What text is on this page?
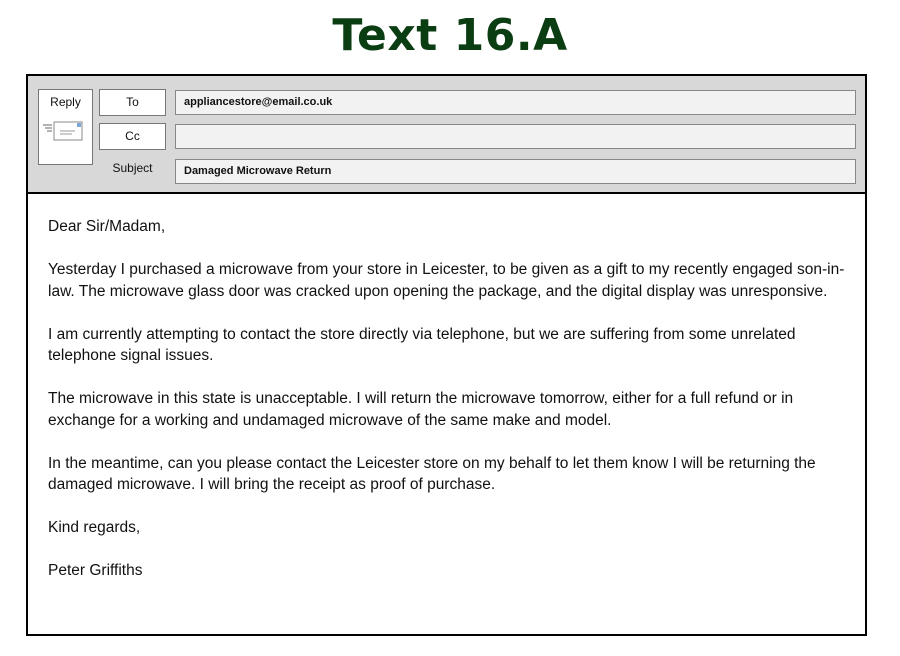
Text 16.A
Reply	To
Cc
Subject
appliancestore@email.co.uk
Damaged Microwave Return

Dear Sir/Madam,

Yesterday I purchased a microwave from your store in Leicester, to be given as a gift to my recently engaged son-in-law. The microwave glass door was cracked upon opening the package, and the digital display was unresponsive.

I am currently attempting to contact the store directly via telephone, but we are suffering from some unrelated telephone signal issues.

The microwave in this state is unacceptable. I will return the microwave tomorrow, either for a full refund or in exchange for a working and undamaged microwave of the same make and model.

In the meantime, can you please contact the Leicester store on my behalf to let them know I will be returning the damaged microwave. I will bring the receipt as proof of purchase.

Kind regards,

Peter Griffiths
